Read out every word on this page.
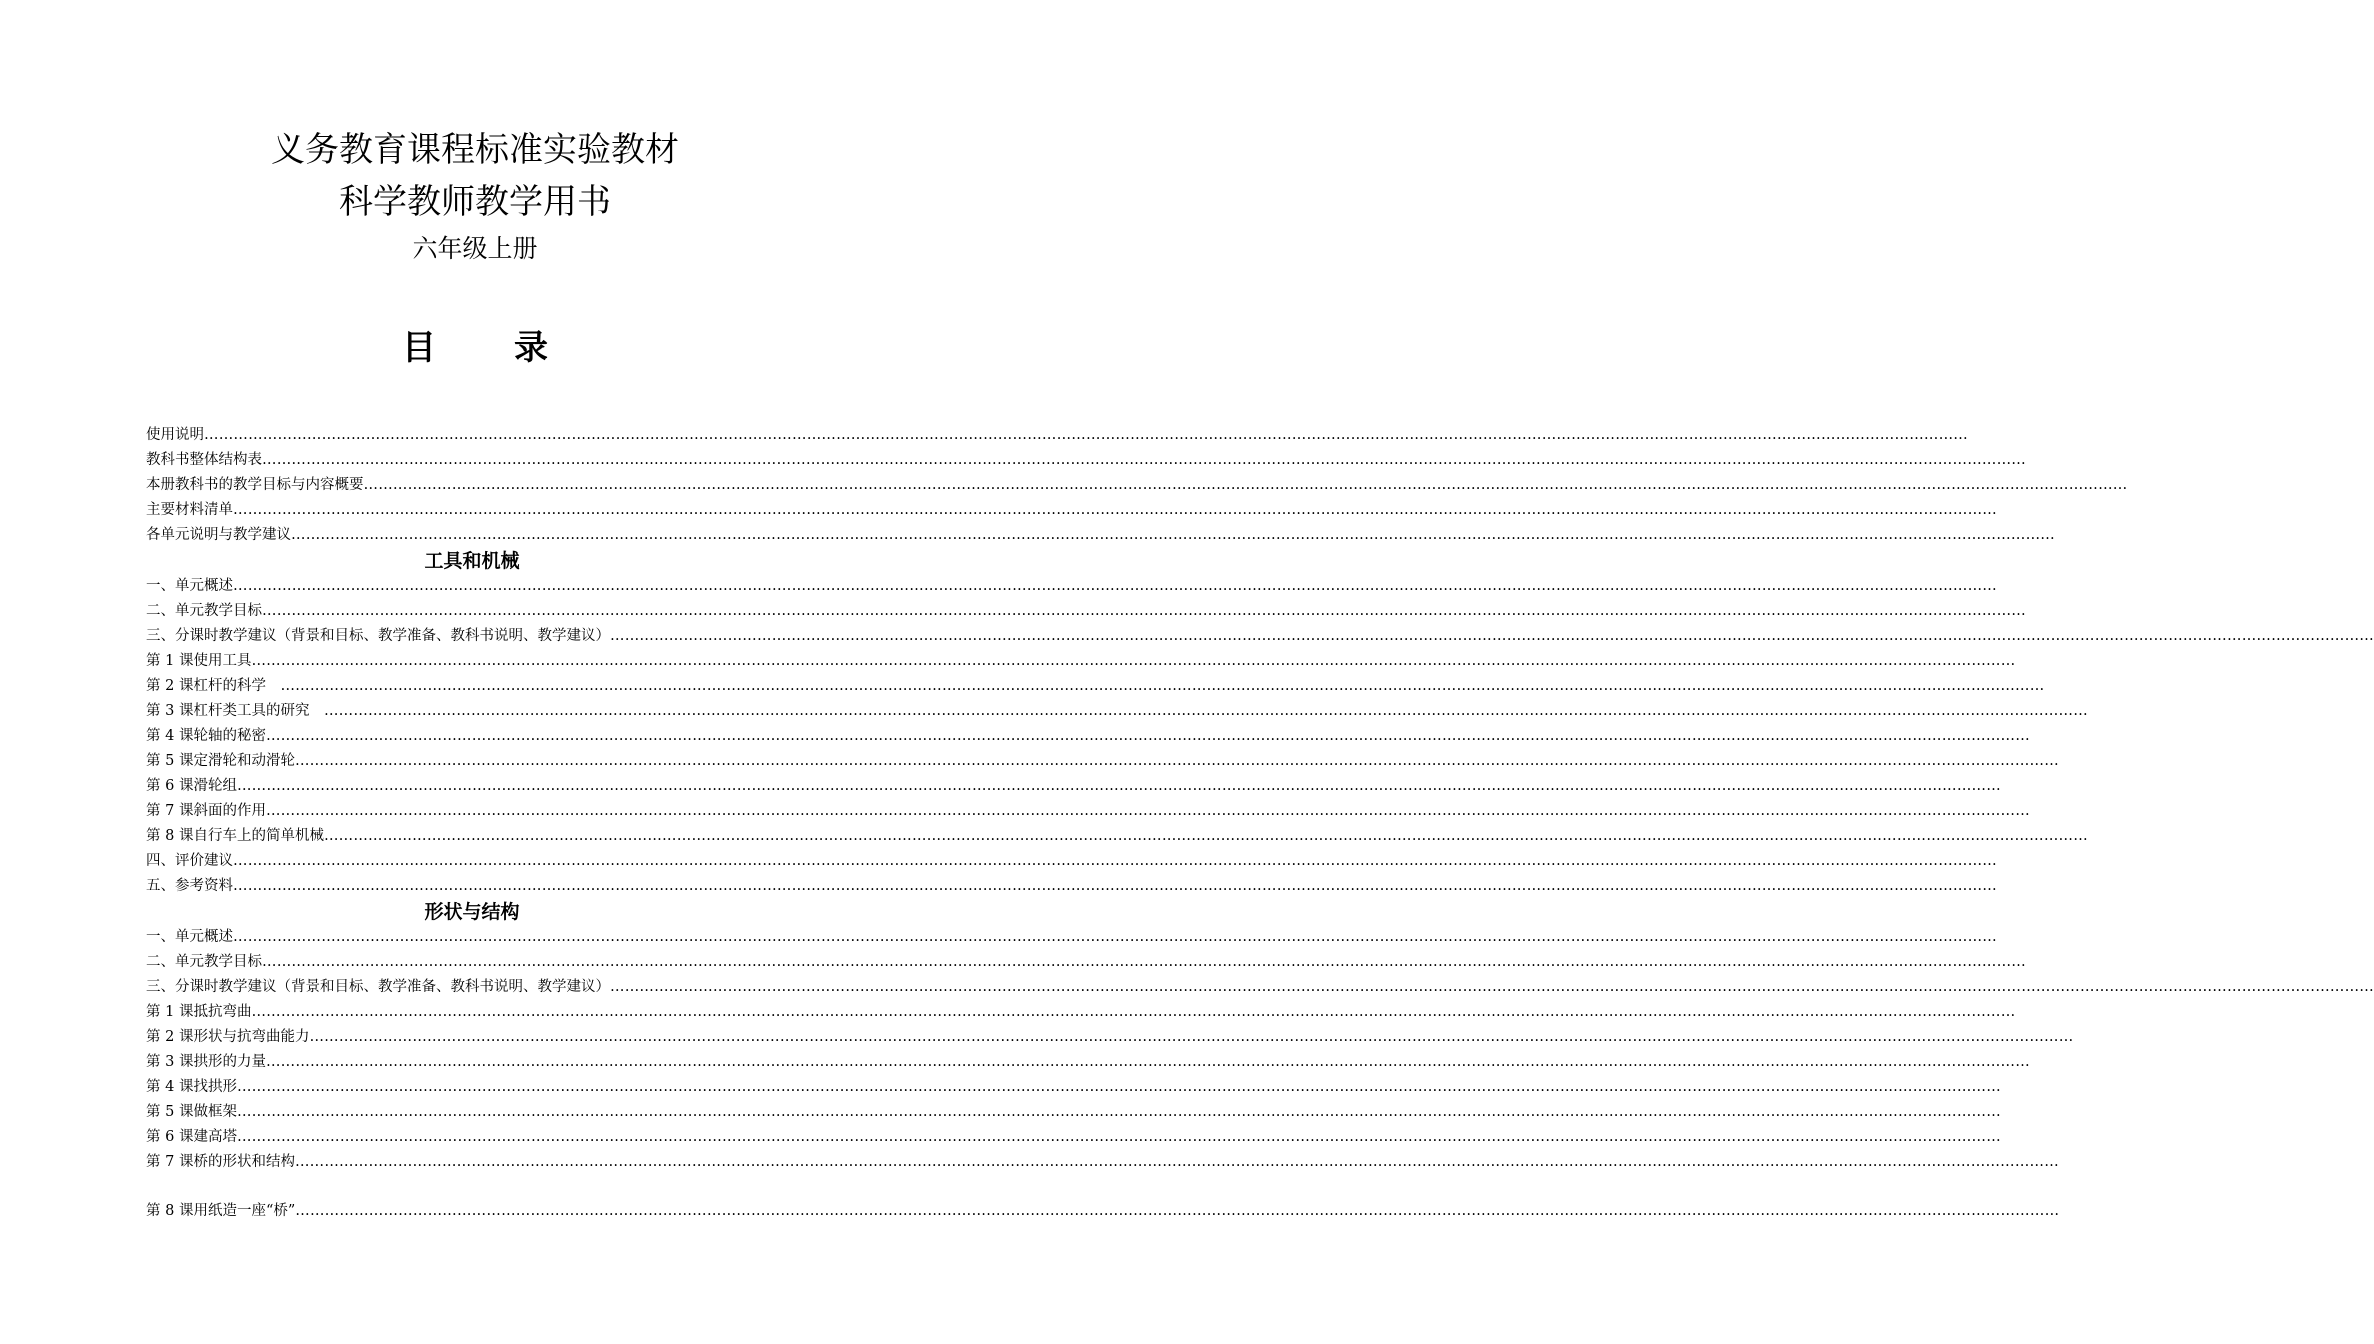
义务教育课程标准实验教材
科学教师教学用书
六年级上册
目　录
使用说明………………………………………………………………………………………………………………………………………………………………………………………………………………………………………………………………………………………………………………………………
教科书整体结构表………………………………………………………………………………………………………………………………………………………………………………………………………………………………………………………………………………………………………………………………
本册教科书的教学目标与内容概要………………………………………………………………………………………………………………………………………………………………………………………………………………………………………………………………………………………………………………………………
主要材料清单………………………………………………………………………………………………………………………………………………………………………………………………………………………………………………………………………………………………………………………………
各单元说明与教学建议………………………………………………………………………………………………………………………………………………………………………………………………………………………………………………………………………………………………………………………………
工具和机械
一、单元概述………………………………………………………………………………………………………………………………………………………………………………………………………………………………………………………………………………………………………………………………
二、单元教学目标………………………………………………………………………………………………………………………………………………………………………………………………………………………………………………………………………………………………………………………………
三、分课时教学建议（背景和目标、教学准备、教科书说明、教学建议）………………………………………………………………………………………………………………………………………………………………………………………………………………………………………………………………………………………………………………………………
第 1 课使用工具………………………………………………………………………………………………………………………………………………………………………………………………………………………………………………………………………………………………………………………………
第 2 课杠杆的科学　………………………………………………………………………………………………………………………………………………………………………………………………………………………………………………………………………………………………………………………………
第 3 课杠杆类工具的研究　………………………………………………………………………………………………………………………………………………………………………………………………………………………………………………………………………………………………………………………………
第 4 课轮轴的秘密………………………………………………………………………………………………………………………………………………………………………………………………………………………………………………………………………………………………………………………………
第 5 课定滑轮和动滑轮………………………………………………………………………………………………………………………………………………………………………………………………………………………………………………………………………………………………………………………………
第 6 课滑轮组………………………………………………………………………………………………………………………………………………………………………………………………………………………………………………………………………………………………………………………………
第 7 课斜面的作用………………………………………………………………………………………………………………………………………………………………………………………………………………………………………………………………………………………………………………………………
第 8 课自行车上的简单机械………………………………………………………………………………………………………………………………………………………………………………………………………………………………………………………………………………………………………………………………
四、评价建议………………………………………………………………………………………………………………………………………………………………………………………………………………………………………………………………………………………………………………………………
五、参考资料………………………………………………………………………………………………………………………………………………………………………………………………………………………………………………………………………………………………………………………………
形状与结构
一、单元概述………………………………………………………………………………………………………………………………………………………………………………………………………………………………………………………………………………………………………………………………
二、单元教学目标………………………………………………………………………………………………………………………………………………………………………………………………………………………………………………………………………………………………………………………………
三、分课时教学建议（背景和目标、教学准备、教科书说明、教学建议）………………………………………………………………………………………………………………………………………………………………………………………………………………………………………………………………………………………………………………………………
第 1 课抵抗弯曲………………………………………………………………………………………………………………………………………………………………………………………………………………………………………………………………………………………………………………………………
第 2 课形状与抗弯曲能力………………………………………………………………………………………………………………………………………………………………………………………………………………………………………………………………………………………………………………………………
第 3 课拱形的力量………………………………………………………………………………………………………………………………………………………………………………………………………………………………………………………………………………………………………………………………
第 4 课找拱形………………………………………………………………………………………………………………………………………………………………………………………………………………………………………………………………………………………………………………………………
第 5 课做框架………………………………………………………………………………………………………………………………………………………………………………………………………………………………………………………………………………………………………………………………
第 6 课建高塔………………………………………………………………………………………………………………………………………………………………………………………………………………………………………………………………………………………………………………………………
第 7 课桥的形状和结构………………………………………………………………………………………………………………………………………………………………………………………………………………………………………………………………………………………………………………………………
第 8 课用纸造一座“桥”………………………………………………………………………………………………………………………………………………………………………………………………………………………………………………………………………………………………………………………………
